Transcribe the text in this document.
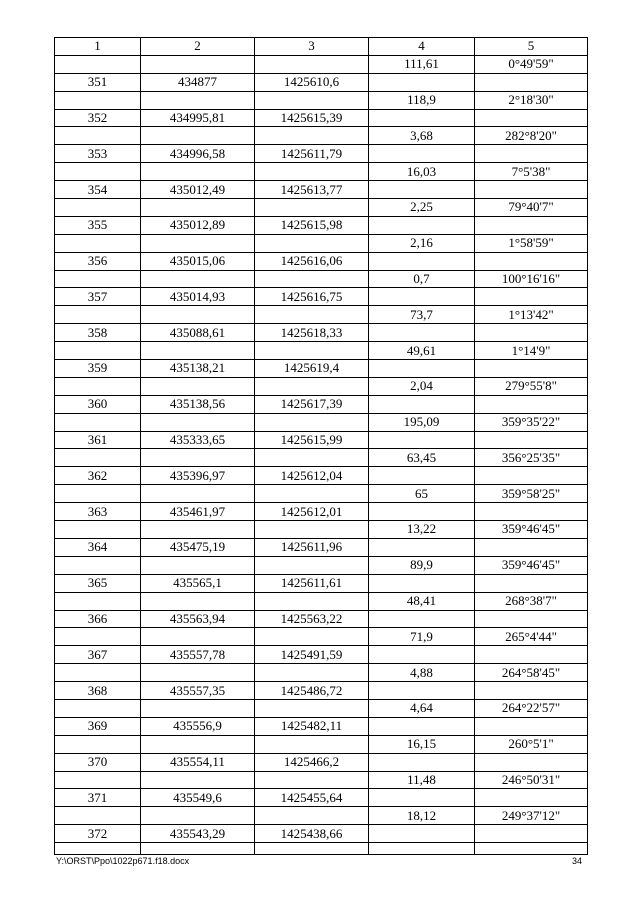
1	2	3	4	5
			111,61	0°49'59"
351	434877	1425610,6		
			118,9	2°18'30"
352	434995,81	1425615,39		
			3,68	282°8'20"
353	434996,58	1425611,79		
			16,03	7°5'38"
354	435012,49	1425613,77		
			2,25	79°40'7"
355	435012,89	1425615,98		
			2,16	1°58'59"
356	435015,06	1425616,06		
			0,7	100°16'16"
357	435014,93	1425616,75		
			73,7	1°13'42"
358	435088,61	1425618,33		
			49,61	1°14'9"
359	435138,21	1425619,4		
			2,04	279°55'8"
360	435138,56	1425617,39		
			195,09	359°35'22"
361	435333,65	1425615,99		
			63,45	356°25'35"
362	435396,97	1425612,04		
			65	359°58'25"
363	435461,97	1425612,01		
			13,22	359°46'45"
364	435475,19	1425611,96		
			89,9	359°46'45"
365	435565,1	1425611,61		
			48,41	268°38'7"
366	435563,94	1425563,22		
			71,9	265°4'44"
367	435557,78	1425491,59		
			4,88	264°58'45"
368	435557,35	1425486,72		
			4,64	264°22'57"
369	435556,9	1425482,11		
			16,15	260°5'1"
370	435554,11	1425466,2		
			11,48	246°50'31"
371	435549,6	1425455,64		
			18,12	249°37'12"
372	435543,29	1425438,66		

Y:\ORST\Ppo\1022p671.f18.docx	34
